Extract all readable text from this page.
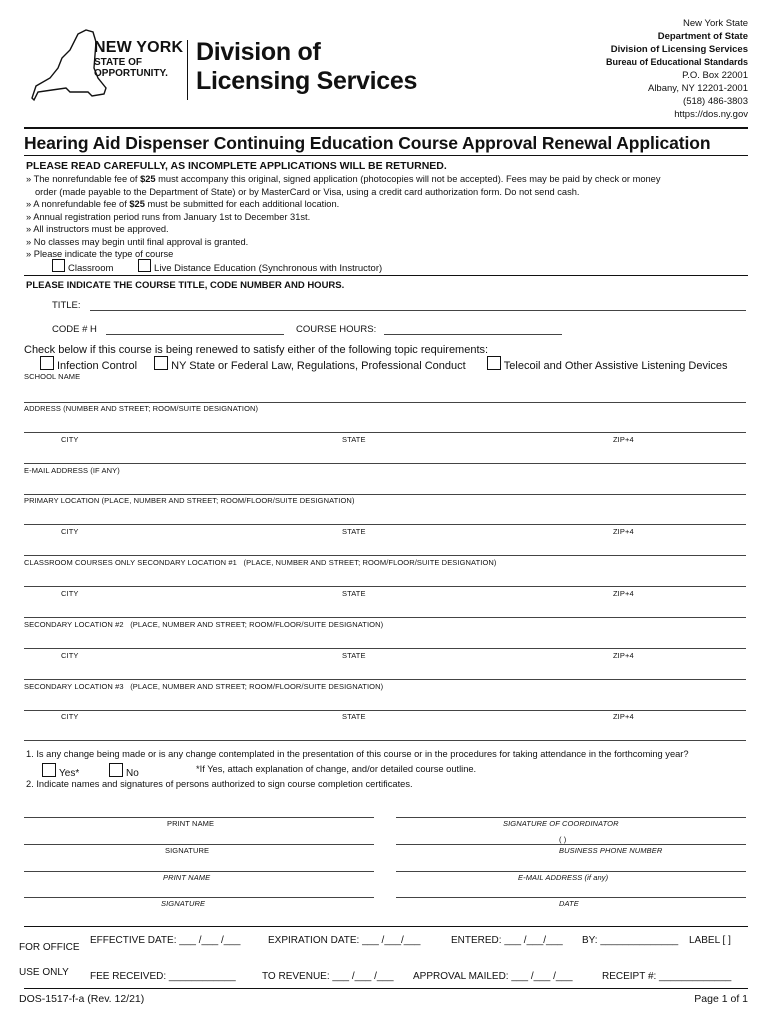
NEW YORK
STATE OF
OPPORTUNITY.
Division of
Licensing Services
New York State
Department of State
Division of Licensing Services
Bureau of Educational Standards
P.O. Box 22001
Albany, NY 12201-2001
(518) 486-3803
https://dos.ny.gov
Hearing Aid Dispenser Continuing Education Course Approval Renewal Application
PLEASE READ CAREFULLY, AS INCOMPLETE APPLICATIONS WILL BE RETURNED.
» The nonrefundable fee of $25 must accompany this original, signed application (photocopies will not be accepted). Fees may be paid by check or money
order (made payable to the Department of State) or by MasterCard or Visa, using a credit card authorization form. Do not send cash.
» A nonrefundable fee of $25 must be submitted for each additional location.
» Annual registration period runs from January 1st to December 31st.
» All instructors must be approved.
» No classes may begin until final approval is granted.
» Please indicate the type of course
Classroom	Live Distance Education (Synchronous with Instructor)
PLEASE INDICATE THE COURSE TITLE, CODE NUMBER AND HOURS.
TITLE:
CODE # H	COURSE HOURS:
Check below if this course is being renewed to satisfy either of the following topic requirements:
Infection Control	NY State or Federal Law, Regulations, Professional Conduct	Telecoil and Other Assistive Listening Devices
SCHOOL NAME
ADDRESS (NUMBER AND STREET; ROOM/SUITE DESIGNATION)
CITY	STATE	ZIP+4
E-MAIL ADDRESS (IF ANY)
PRIMARY LOCATION (PLACE, NUMBER AND STREET; ROOM/FLOOR/SUITE DESIGNATION)
CITY	STATE	ZIP+4
CLASSROOM COURSES ONLY SECONDARY LOCATION #1 (PLACE, NUMBER AND STREET; ROOM/FLOOR/SUITE DESIGNATION)
CITY	STATE	ZIP+4
SECONDARY LOCATION #2 (PLACE, NUMBER AND STREET; ROOM/FLOOR/SUITE DESIGNATION)
CITY	STATE	ZIP+4
SECONDARY LOCATION #3 (PLACE, NUMBER AND STREET; ROOM/FLOOR/SUITE DESIGNATION)
CITY	STATE	ZIP+4
1. Is any change being made or is any change contemplated in the presentation of this course or in the procedures for taking attendance in the forthcoming year?
Yes*	No	*If Yes, attach explanation of change, and/or detailed course outline.
2. Indicate names and signatures of persons authorized to sign course completion certificates.
PRINT NAME	SIGNATURE OF COORDINATOR
( )
SIGNATURE	BUSINESS PHONE NUMBER
PRINT NAME	E-MAIL ADDRESS (if any)
SIGNATURE	DATE
FOR OFFICE
USE ONLY
EFFECTIVE DATE: ___ /___ /___	EXPIRATION DATE: ___ /___/___	ENTERED: ___ /___/___ BY: ______________ LABEL [ ]
FEE RECEIVED: ____________	TO REVENUE: ___ /___ /___ APPROVAL MAILED: ___ /___ /___	RECEIPT #: _____________
DOS-1517-f-a (Rev. 12/21)	Page 1 of 1
